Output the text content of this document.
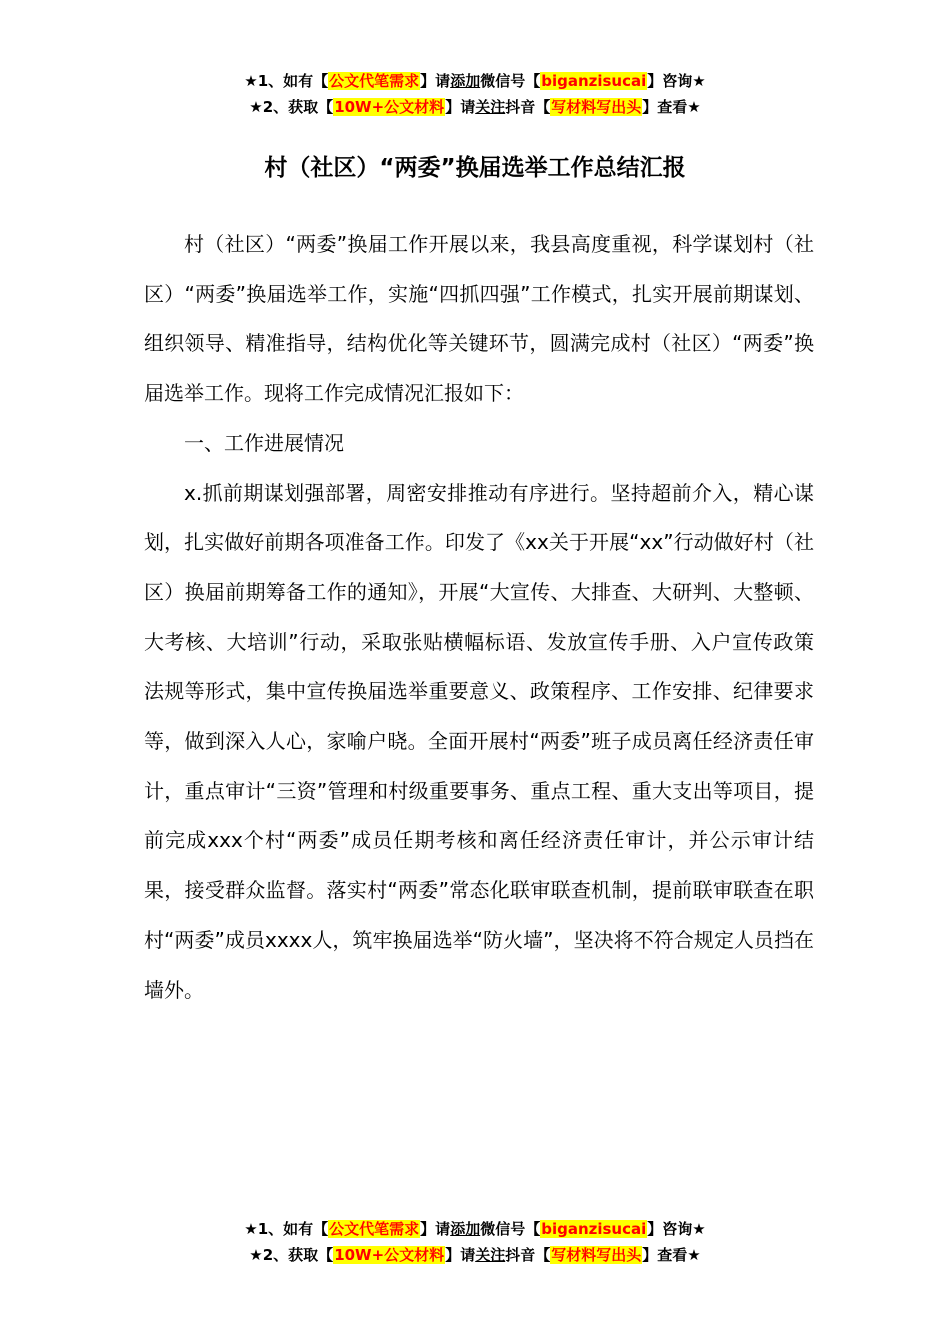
★1、如有【公文代笔需求】请添加微信号【biganzisucai】咨询★
★2、获取【10W+公文材料】请关注抖音【写材料写出头】查看★
村（社区）“两委”换届选举工作总结汇报

村（社区）“两委”换届工作开展以来，我县高度重视，科学谋划村（社区）“两委”换届选举工作，实施“四抓四强”工作模式，扎实开展前期谋划、组织领导、精准指导，结构优化等关键环节，圆满完成村（社区）“两委”换届选举工作。现将工作完成情况汇报如下：

一、工作进展情况

x.抓前期谋划强部署，周密安排推动有序进行。坚持超前介入，精心谋划，扎实做好前期各项准备工作。印发了《xx关于开展“xx”行动做好村（社区）换届前期筹备工作的通知》，开展“大宣传、大排查、大研判、大整顿、大考核、大培训”行动，采取张贴横幅标语、发放宣传手册、入户宣传政策法规等形式，集中宣传换届选举重要意义、政策程序、工作安排、纪律要求等，做到深入人心，家喻户晓。全面开展村“两委”班子成员离任经济责任审计，重点审计“三资”管理和村级重要事务、重点工程、重大支出等项目，提前完成xxx个村“两委”成员任期考核和离任经济责任审计，并公示审计结果，接受群众监督。落实村“两委”常态化联审联查机制，提前联审联查在职村“两委”成员xxxx人，筑牢换届选举“防火墙”，坚决将不符合规定人员挡在墙外。

★1、如有【公文代笔需求】请添加微信号【biganzisucai】咨询★
★2、获取【10W+公文材料】请关注抖音【写材料写出头】查看★
